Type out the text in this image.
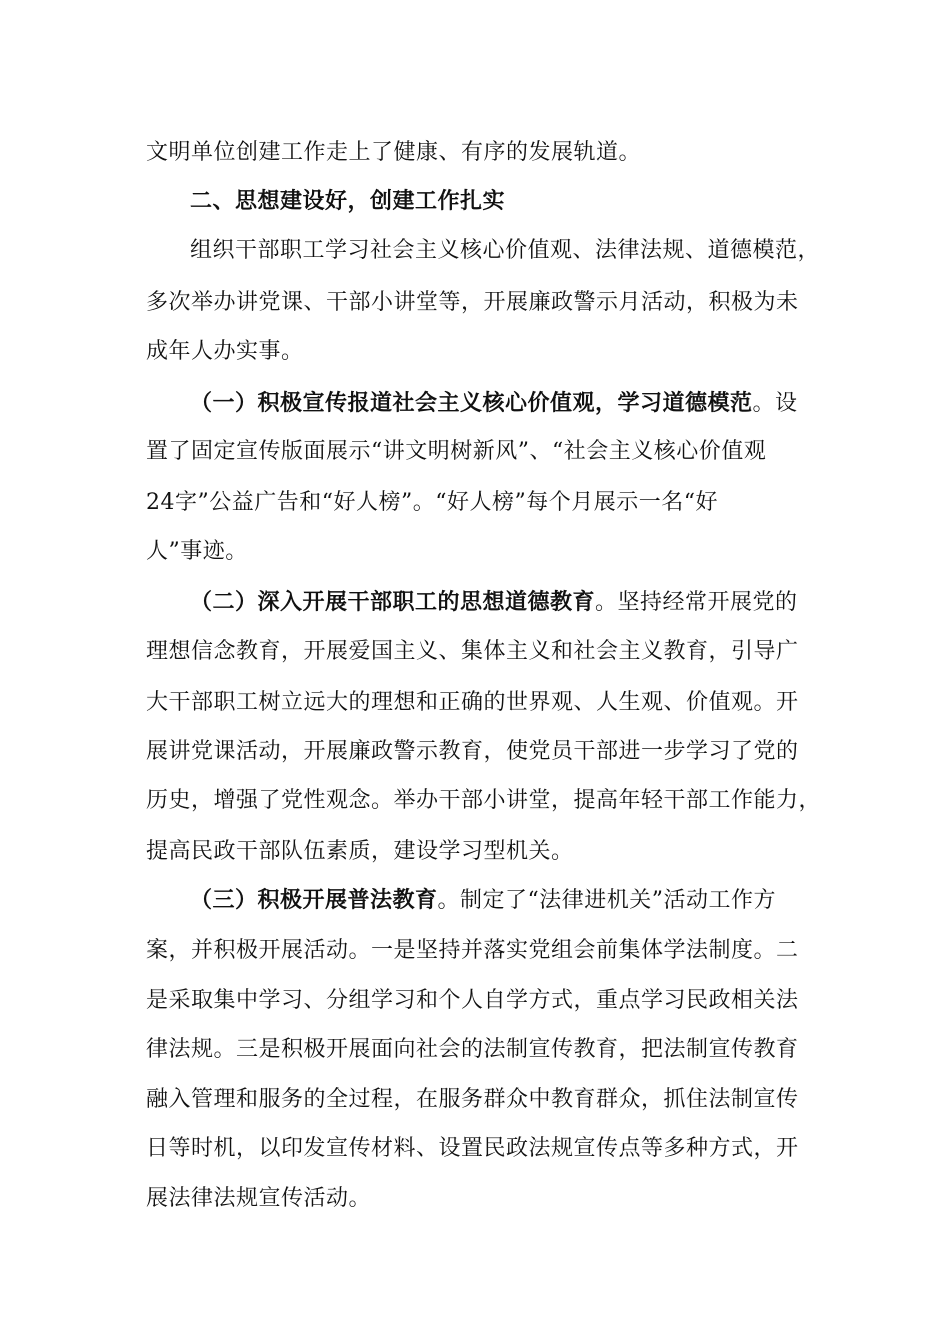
文明单位创建工作走上了健康、有序的发展轨道。
二、思想建设好，创建工作扎实
组织干部职工学习社会主义核心价值观、法律法规、道德模范，
多次举办讲党课、干部小讲堂等，开展廉政警示月活动，积极为未
成年人办实事。
（一）积极宣传报道社会主义核心价值观，学习道德模范。设
置了固定宣传版面展示“讲文明树新风”、“社会主义核心价值观
24字”公益广告和“好人榜”。“好人榜”每个月展示一名“好
人”事迹。
（二）深入开展干部职工的思想道德教育。坚持经常开展党的
理想信念教育，开展爱国主义、集体主义和社会主义教育，引导广
大干部职工树立远大的理想和正确的世界观、人生观、价值观。开
展讲党课活动，开展廉政警示教育，使党员干部进一步学习了党的
历史，增强了党性观念。举办干部小讲堂，提高年轻干部工作能力，
提高民政干部队伍素质，建设学习型机关。
（三）积极开展普法教育。制定了“法律进机关”活动工作方
案，并积极开展活动。一是坚持并落实党组会前集体学法制度。二
是采取集中学习、分组学习和个人自学方式，重点学习民政相关法
律法规。三是积极开展面向社会的法制宣传教育，把法制宣传教育
融入管理和服务的全过程，在服务群众中教育群众，抓住法制宣传
日等时机，以印发宣传材料、设置民政法规宣传点等多种方式，开
展法律法规宣传活动。
